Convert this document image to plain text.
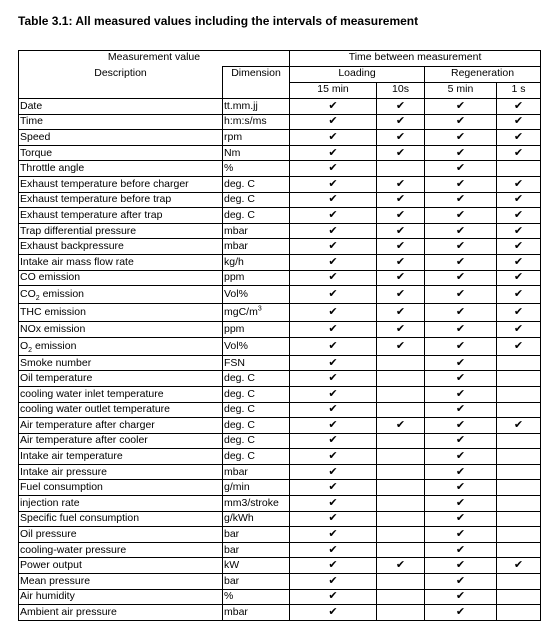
Table 3.1: All measured values including the intervals of measurement
Measurement value		Time between measurement			
Description	Dimension	Loading		Regeneration	
		15 min	10s	5 min	1 s
Date	tt.mm.jj	✔	✔	✔	✔
Time	h:m:s/ms	✔	✔	✔	✔
Speed	rpm	✔	✔	✔	✔
Torque	Nm	✔	✔	✔	✔
Throttle angle	%	✔		✔	
Exhaust temperature before charger	deg. C	✔	✔	✔	✔
Exhaust temperature before trap	deg. C	✔	✔	✔	✔
Exhaust temperature after trap	deg. C	✔	✔	✔	✔
Trap differential pressure	mbar	✔	✔	✔	✔
Exhaust backpressure	mbar	✔	✔	✔	✔
Intake air mass flow rate	kg/h	✔	✔	✔	✔
CO emission	ppm	✔	✔	✔	✔
$CO_2$ emission	Vol%	✔	✔	✔	✔
THC emission	mgC/$m^3$	✔	✔	✔	✔
NOx emission	ppm	✔	✔	✔	✔
$O_2$ emission	Vol%	✔	✔	✔	✔
Smoke number	FSN	✔		✔	
Oil temperature	deg. C	✔		✔	
cooling water inlet temperature	deg. C	✔		✔	
cooling water outlet temperature	deg. C	✔		✔	
Air temperature after charger	deg. C	✔	✔	✔	✔
Air temperature after cooler	deg. C	✔		✔	
Intake air temperature	deg. C	✔		✔	
Intake air pressure	mbar	✔		✔	
Fuel consumption	g/min	✔		✔	
injection rate	mm3/stroke	✔		✔	
Specific fuel consumption	g/kWh	✔		✔	
Oil pressure	bar	✔		✔	
cooling-water pressure	bar	✔		✔	
Power output	kW	✔	✔	✔	✔
Mean pressure	bar	✔		✔	
Air humidity	%	✔		✔	
Ambient air pressure	mbar	✔		✔	
